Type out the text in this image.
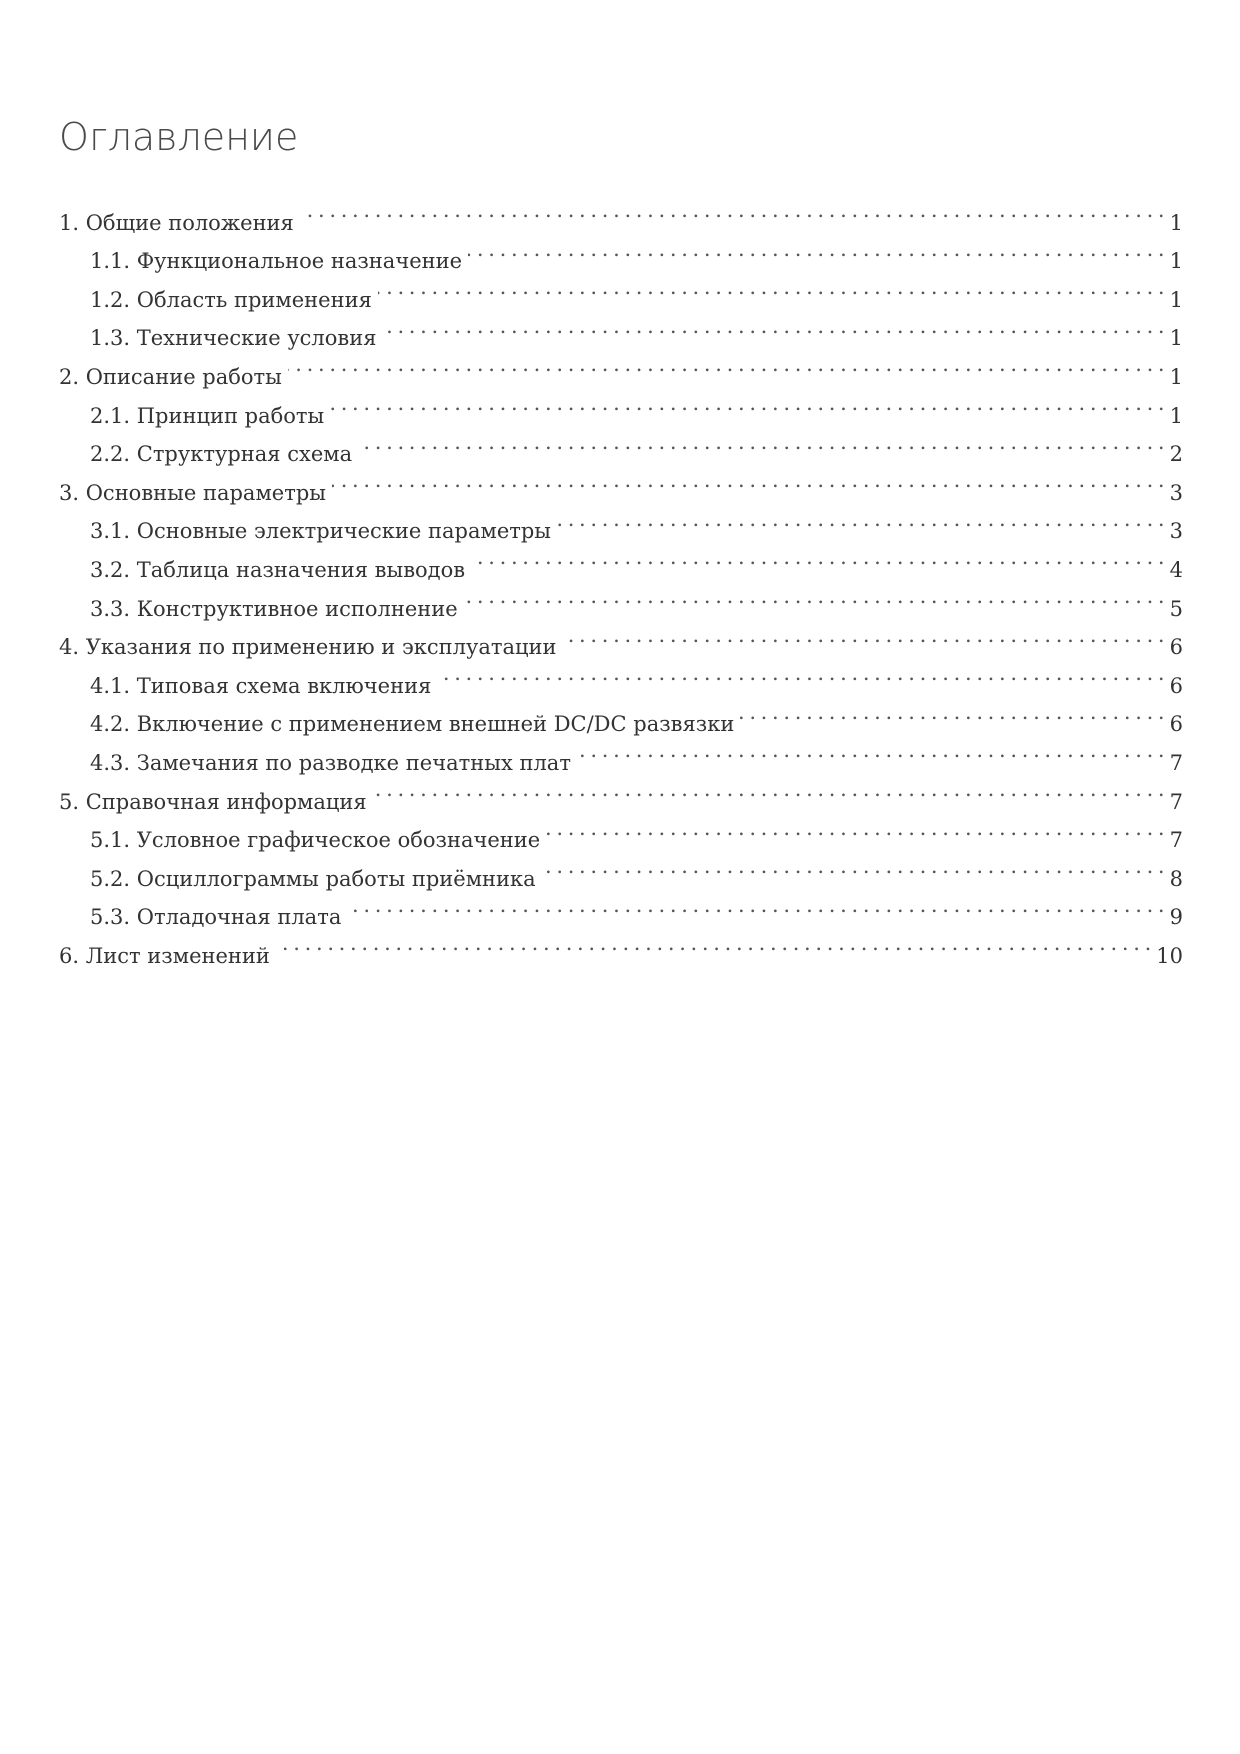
Оглавление
1. Общие положения . . .	1
1.1. Функциональное назначение . . .	1
1.2. Область применения . . .	1
1.3. Технические условия . . .	1
2. Описание работы . . .	1
2.1. Принцип работы . . .	1
2.2. Структурная схема . . .	2
3. Основные параметры . . .	3
3.1. Основные электрические параметры . . .	3
3.2. Таблица назначения выводов . . .	4
3.3. Конструктивное исполнение . . .	5
4. Указания по применению и эксплуатации . . .	6
4.1. Типовая схема включения . . .	6
4.2. Включение с применением внешней DC/DC развязки . . .	6
4.3. Замечания по разводке печатных плат . . .	7
5. Справочная информация . . .	7
5.1. Условное графическое обозначение . . .	7
5.2. Осциллограммы работы приёмника . . .	8
5.3. Отладочная плата . . .	9
6. Лист изменений . . .	10
